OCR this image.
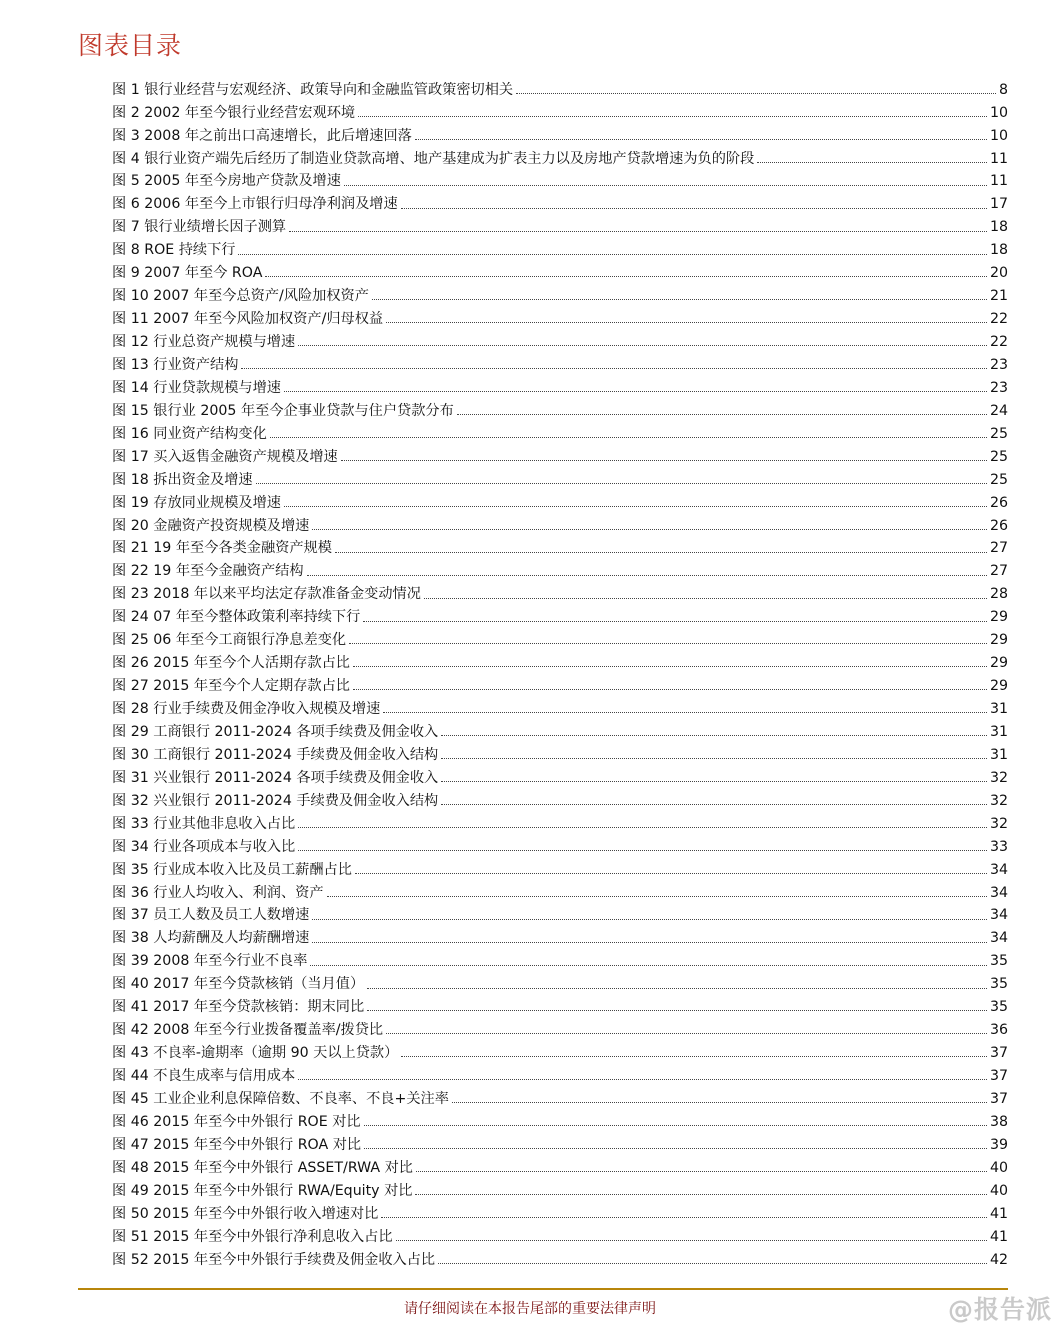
图表目录
图 1 银行业经营与宏观经济、政策导向和金融监管政策密切相关	8
图 2 2002 年至今银行业经营宏观环境	10
图 3 2008 年之前出口高速增长，此后增速回落	10
图 4 银行业资产端先后经历了制造业贷款高增、地产基建成为扩表主力以及房地产贷款增速为负的阶段	11
图 5 2005 年至今房地产贷款及增速	11
图 6 2006 年至今上市银行归母净利润及增速	17
图 7 银行业绩增长因子测算	18
图 8 ROE 持续下行	18
图 9 2007 年至今 ROA	20
图 10 2007 年至今总资产/风险加权资产	21
图 11 2007 年至今风险加权资产/归母权益	22
图 12 行业总资产规模与增速	22
图 13 行业资产结构	23
图 14 行业贷款规模与增速	23
图 15 银行业 2005 年至今企事业贷款与住户贷款分布	24
图 16 同业资产结构变化	25
图 17 买入返售金融资产规模及增速	25
图 18 拆出资金及增速	25
图 19 存放同业规模及增速	26
图 20 金融资产投资规模及增速	26
图 21 19 年至今各类金融资产规模	27
图 22 19 年至今金融资产结构	27
图 23 2018 年以来平均法定存款准备金变动情况	28
图 24 07 年至今整体政策利率持续下行	29
图 25 06 年至今工商银行净息差变化	29
图 26 2015 年至今个人活期存款占比	29
图 27 2015 年至今个人定期存款占比	29
图 28 行业手续费及佣金净收入规模及增速	31
图 29 工商银行 2011-2024 各项手续费及佣金收入	31
图 30 工商银行 2011-2024 手续费及佣金收入结构	31
图 31 兴业银行 2011-2024 各项手续费及佣金收入	32
图 32 兴业银行 2011-2024 手续费及佣金收入结构	32
图 33 行业其他非息收入占比	32
图 34 行业各项成本与收入比	33
图 35 行业成本收入比及员工薪酬占比	34
图 36 行业人均收入、利润、资产	34
图 37 员工人数及员工人数增速	34
图 38 人均薪酬及人均薪酬增速	34
图 39 2008 年至今行业不良率	35
图 40 2017 年至今贷款核销（当月值）	35
图 41 2017 年至今贷款核销：期末同比	35
图 42 2008 年至今行业拨备覆盖率/拨贷比	36
图 43 不良率-逾期率（逾期 90 天以上贷款）	37
图 44 不良生成率与信用成本	37
图 45 工业企业利息保障倍数、不良率、不良+关注率	37
图 46 2015 年至今中外银行 ROE 对比	38
图 47 2015 年至今中外银行 ROA 对比	39
图 48 2015 年至今中外银行 ASSET/RWA 对比	40
图 49 2015 年至今中外银行 RWA/Equity 对比	40
图 50 2015 年至今中外银行收入增速对比	41
图 51 2015 年至今中外银行净利息收入占比	41
图 52 2015 年至今中外银行手续费及佣金收入占比	42
请仔细阅读在本报告尾部的重要法律声明	@报告派
